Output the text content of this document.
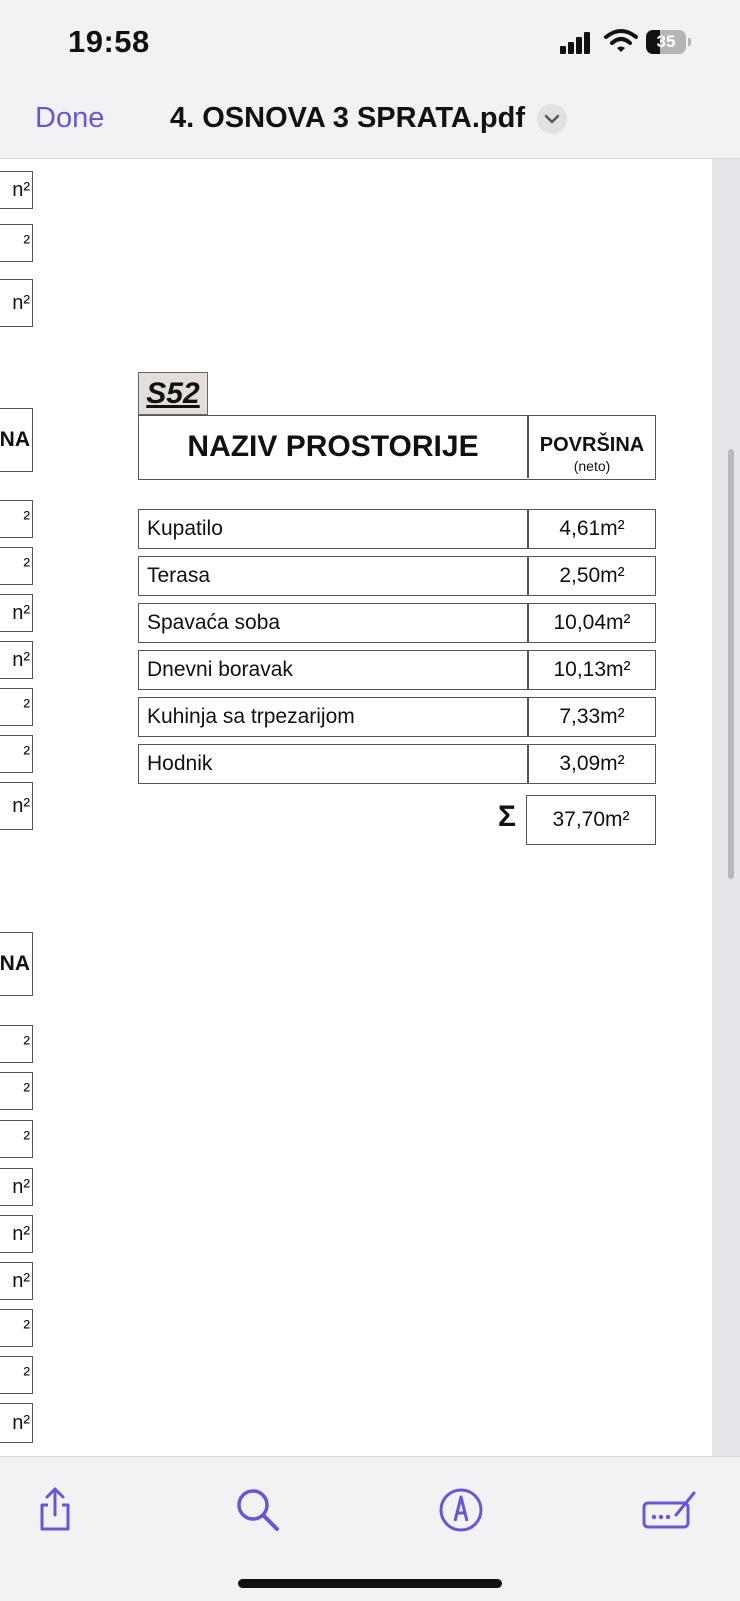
19:58	35
Done 4. OSNOVA 3 SPRATA.pdf
n²
²
n²
NA
²
²
n²
n²
²
²
n²
NA
²
²
²
n²
n²
n²
²
²
n²
S52
NAZIV PROSTORIJE	POVRŠINA
(neto)
Kupatilo	4,61m²
Terasa	2,50m²
Spavaća soba	10,04m²
Dnevni boravak	10,13m²
Kuhinja sa trpezarijom	7,33m²
Hodnik	3,09m²
Σ	37,70m²
